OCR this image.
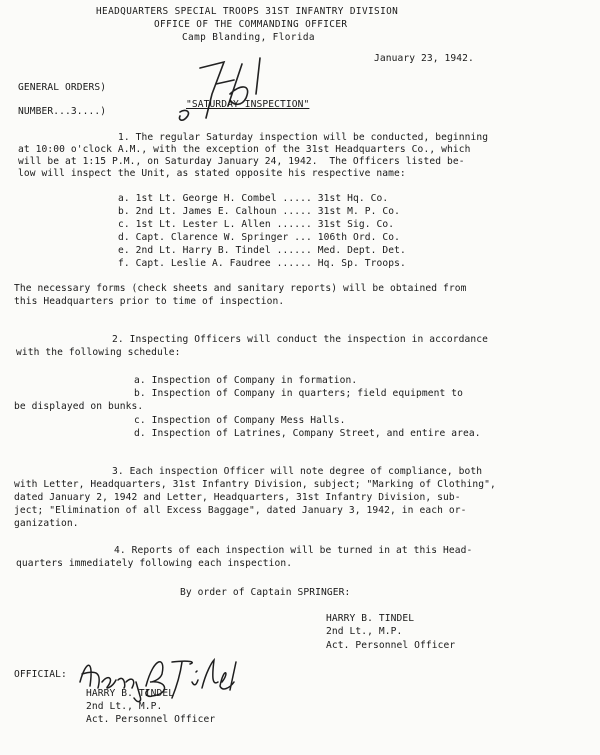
HEADQUARTERS SPECIAL TROOPS 31ST INFANTRY DIVISION
OFFICE OF THE COMMANDING OFFICER
Camp Blanding, Florida
January 23, 1942.
GENERAL ORDERS)
NUMBER...3....)
"SATURDAY INSPECTION"
1. The regular Saturday inspection will be conducted, beginning
at 10:00 o'clock A.M., with the exception of the 31st Headquarters Co., which
will be at 1:15 P.M., on Saturday January 24, 1942.  The Officers listed be-
low will inspect the Unit, as stated opposite his respective name:
a. 1st Lt. George H. Combel ..... 31st Hq. Co.
b. 2nd Lt. James E. Calhoun ..... 31st M. P. Co.
c. 1st Lt. Lester L. Allen ...... 31st Sig. Co.
d. Capt. Clarence W. Springer ... 106th Ord. Co.
e. 2nd Lt. Harry B. Tindel ...... Med. Dept. Det.
f. Capt. Leslie A. Faudree ...... Hq. Sp. Troops.
The necessary forms (check sheets and sanitary reports) will be obtained from
this Headquarters prior to time of inspection.
2. Inspecting Officers will conduct the inspection in accordance
with the following schedule:
a. Inspection of Company in formation.
b. Inspection of Company in quarters; field equipment to
be displayed on bunks.
c. Inspection of Company Mess Halls.
d. Inspection of Latrines, Company Street, and entire area.
3. Each inspection Officer will note degree of compliance, both
with Letter, Headquarters, 31st Infantry Division, subject; "Marking of Clothing",
dated January 2, 1942 and Letter, Headquarters, 31st Infantry Division, sub-
ject; "Elimination of all Excess Baggage", dated January 3, 1942, in each or-
ganization.
4. Reports of each inspection will be turned in at this Head-
quarters immediately following each inspection.
By order of Captain SPRINGER:
HARRY B. TINDEL
2nd Lt., M.P.
Act. Personnel Officer
OFFICIAL:
HARRY B. TINDEL
2nd Lt., M.P.
Act. Personnel Officer
